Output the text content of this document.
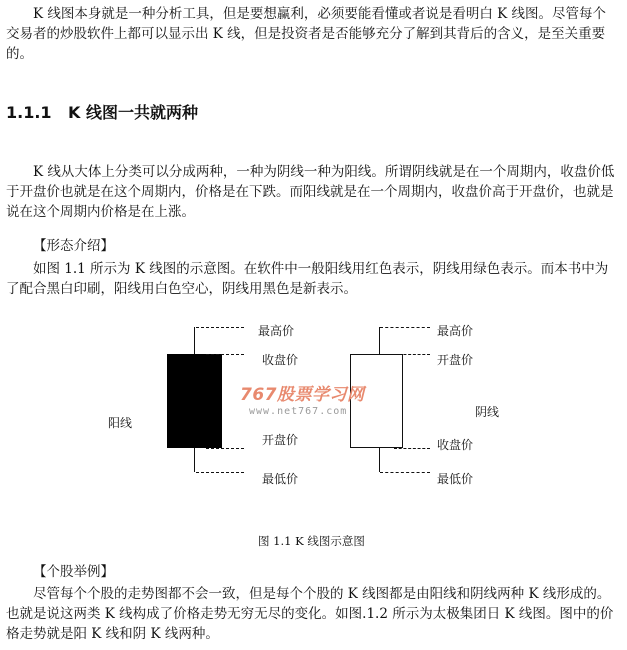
K 线图本身就是一种分析工具，但是要想赢利，必须要能看懂或者说是看明白 K 线图。尽管每个交易者的炒股软件上都可以显示出 K 线，但是投资者是否能够充分了解到其背后的含义，是至关重要的。

1.1.1 K 线图一共就两种

K 线从大体上分类可以分成两种，一种为阴线一种为阳线。所谓阴线就是在一个周期内，收盘价低于开盘价也就是在这个周期内，价格是在下跌。而阳线就是在一个周期内，收盘价高于开盘价，也就是说在这个周期内价格是在上涨。

【形态介绍】

如图 1.1 所示为 K 线图的示意图。在软件中一般阳线用红色表示，阴线用绿色表示。而本书中为了配合黑白印刷，阳线用白色空心，阴线用黑色是新表示。

最高价
收盘价
开盘价
最低价
阳线
最高价
开盘价
收盘价
最低价
阴线
767股票学习网
www.net767.com
图 1.1 K 线图示意图
【个股举例】

尽管每个个股的走势图都不会一致，但是每个个股的 K 线图都是由阳线和阴线两种 K 线形成的。也就是说这两类 K 线构成了价格走势无穷无尽的变化。如图.1.2 所示为太极集团日 K 线图。图中的价格走势就是阳 K 线和阴 K 线两种。
